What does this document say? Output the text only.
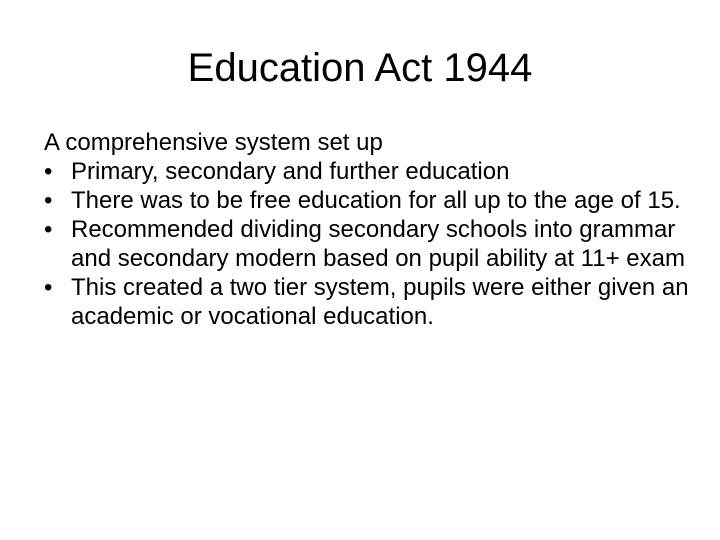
Education Act 1944

A comprehensive system set up

• Primary, secondary and further education
• There was to be free education for all up to the age of 15.
• Recommended dividing secondary schools into grammar and secondary modern based on pupil ability at 11+ exam
• This created a two tier system, pupils were either given an academic or vocational education.
